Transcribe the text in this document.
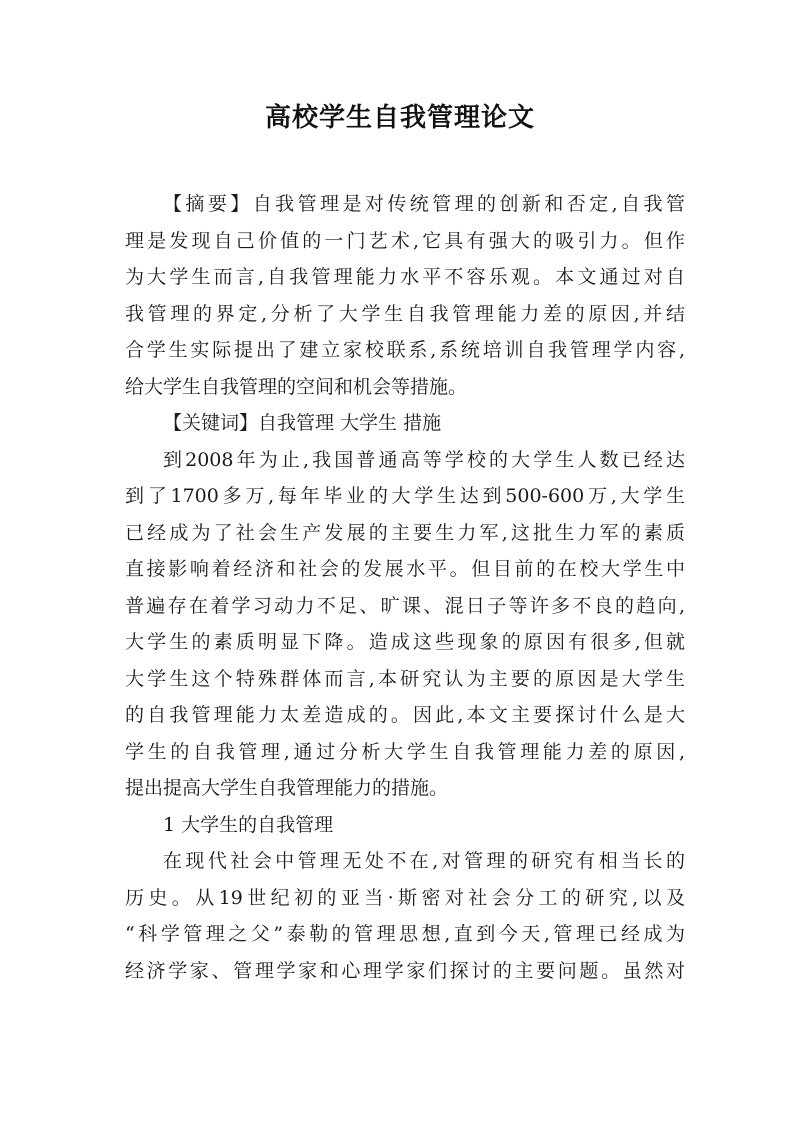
高校学生自我管理论文
【摘要】自我管理是对传统管理的创新和否定,自我管
理是发现自己价值的一门艺术,它具有强大的吸引力。但作
为大学生而言,自我管理能力水平不容乐观。本文通过对自
我管理的界定,分析了大学生自我管理能力差的原因,并结
合学生实际提出了建立家校联系,系统培训自我管理学内容,
给大学生自我管理的空间和机会等措施。
【关键词】自我管理 大学生 措施
到2008年为止,我国普通高等学校的大学生人数已经达
到了1700多万,每年毕业的大学生达到500-600万,大学生
已经成为了社会生产发展的主要生力军,这批生力军的素质
直接影响着经济和社会的发展水平。但目前的在校大学生中
普遍存在着学习动力不足、旷课、混日子等许多不良的趋向,
大学生的素质明显下降。造成这些现象的原因有很多,但就
大学生这个特殊群体而言,本研究认为主要的原因是大学生
的自我管理能力太差造成的。因此,本文主要探讨什么是大
学生的自我管理,通过分析大学生自我管理能力差的原因,
提出提高大学生自我管理能力的措施。
1 大学生的自我管理
在现代社会中管理无处不在,对管理的研究有相当长的
历史。从19世纪初的亚当·斯密对社会分工的研究,以及
“科学管理之父”泰勒的管理思想,直到今天,管理已经成为
经济学家、管理学家和心理学家们探讨的主要问题。虽然对
